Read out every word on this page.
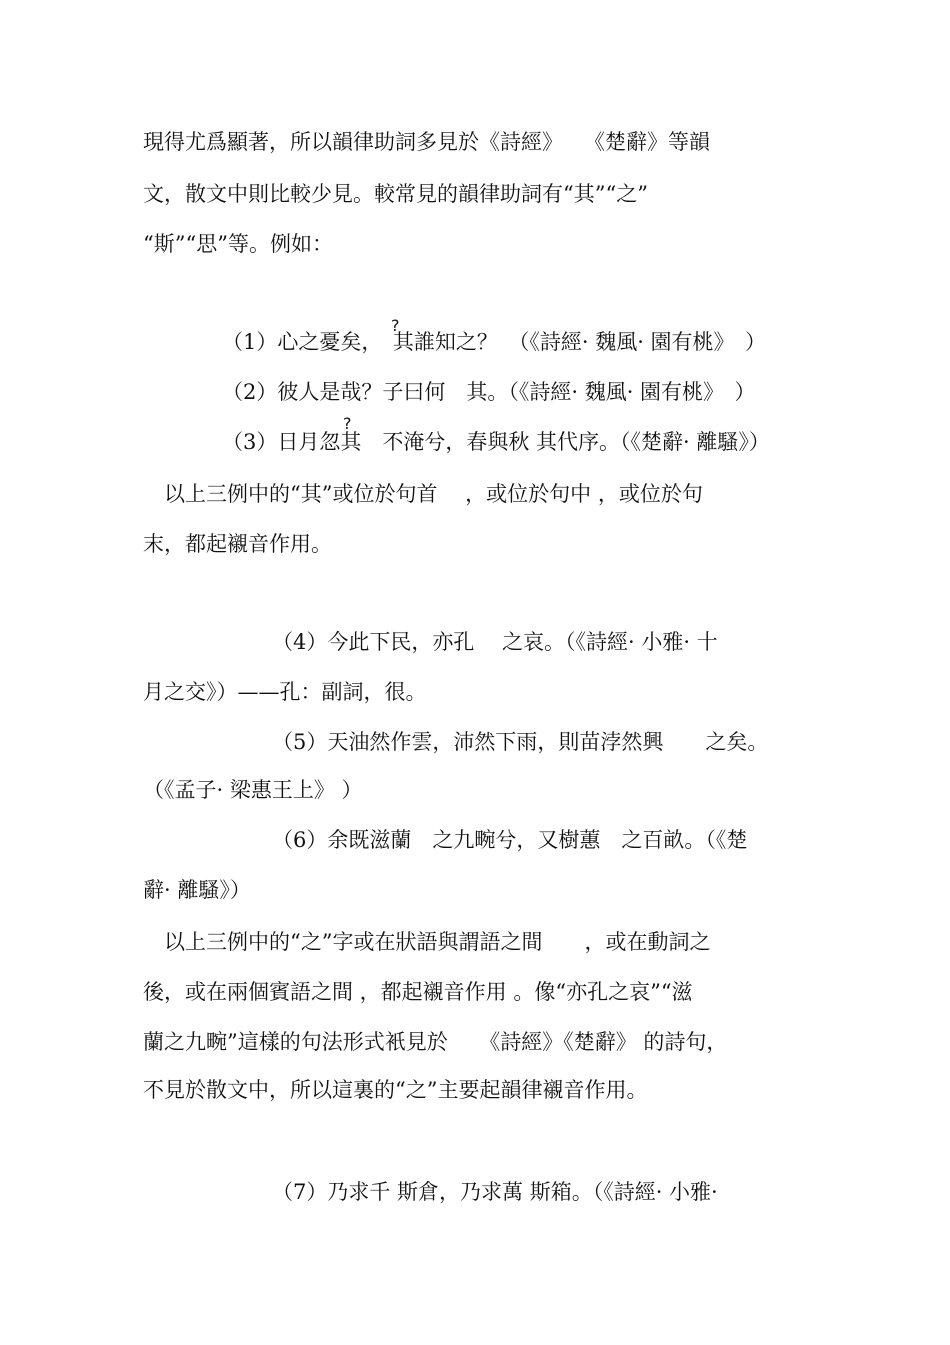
現得尤爲顯著，所以韻律助詞多見於《詩經》　　《楚辭》等韻
文，散文中則比較少見。較常見的韻律助詞有“其”“之”
“斯”“思”等。例如：
?
（1）心之憂矣，　其誰知之？　（《詩經· 魏風· 園有桃》　）
（2）彼人是哉？子曰何　其。（《詩經· 魏風· 園有桃》　）
?
（3）日月忽其　不淹兮，春與秋 其代序。（《楚辭· 離騷》）
　以上三例中的“其”或位於句首　 ，或位於句中 ，或位於句
末，都起襯音作用。
（4）今此下民，亦孔　 之哀。（《詩經· 小雅· 十
月之交》）——孔：副詞，很。
（5）天油然作雲，沛然下雨，則苗浡然興　　之矣。
（《孟子· 梁惠王上》 ）
（6）余既滋蘭　之九畹兮，又樹蕙　之百畝。（《楚
辭· 離騷》）
　以上三例中的“之”字或在狀語與謂語之間　　，或在動詞之
後，或在兩個賓語之間 ，都起襯音作用 。像“亦孔之哀”“滋
蘭之九畹”這樣的句法形式衹見於　　《詩經》《楚辭》 的詩句，
不見於散文中，所以這裏的“之”主要起韻律襯音作用。
（7）乃求千 斯倉，乃求萬 斯箱。（《詩經· 小雅·
